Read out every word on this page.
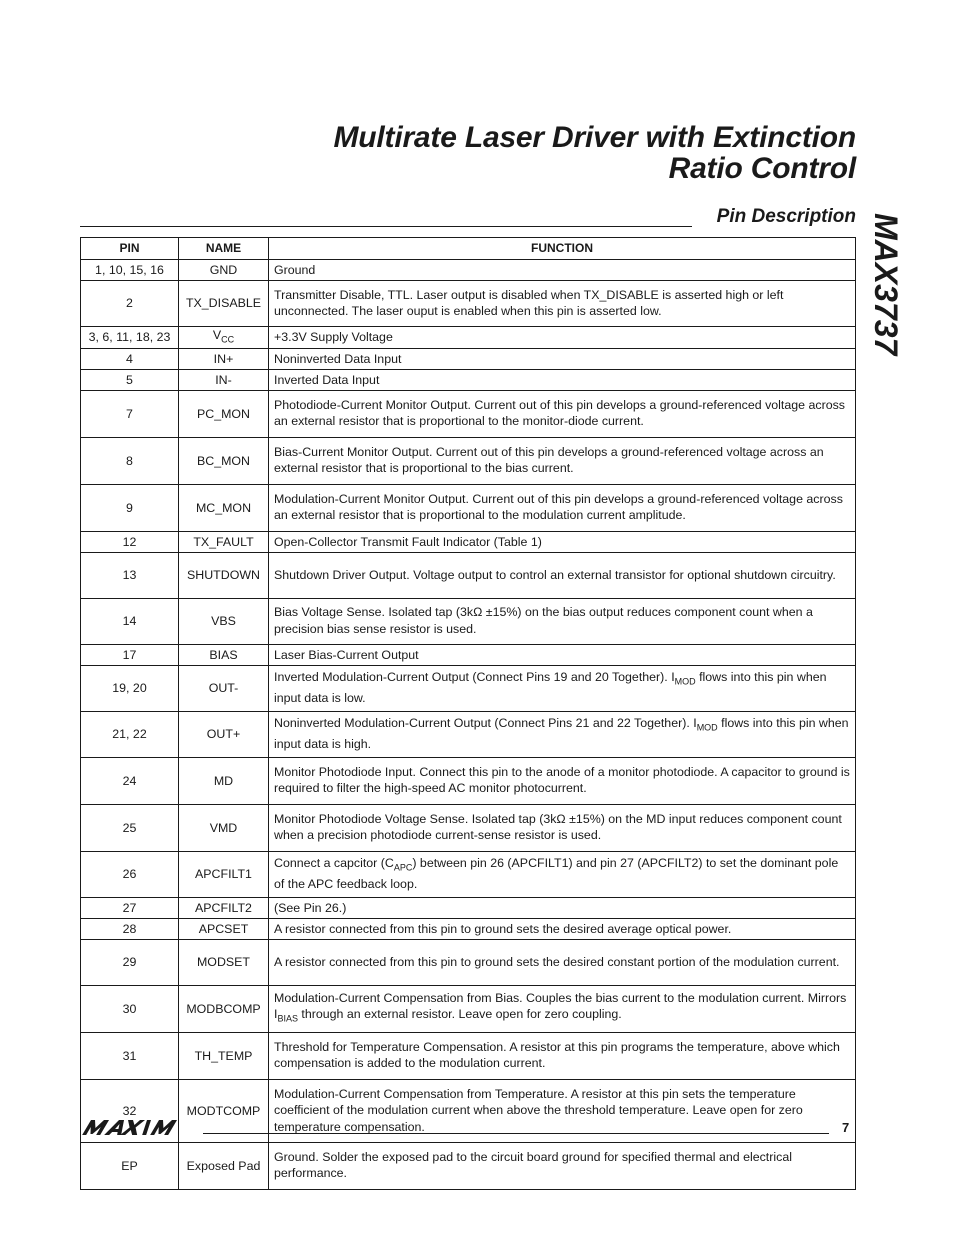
Multirate Laser Driver with Extinction
Ratio Control
MAX3737
Pin Description
PIN	NAME	FUNCTION
1, 10, 15, 16	GND	Ground
2	TX_DISABLE	Transmitter Disable, TTL. Laser output is disabled when TX_DISABLE is asserted high or left unconnected. The laser ouput is enabled when this pin is asserted low.
3, 6, 11, 18, 23	$V_{CC}$	+3.3V Supply Voltage
4	IN+	Noninverted Data Input
5	IN-	Inverted Data Input
7	PC_MON	Photodiode-Current Monitor Output. Current out of this pin develops a ground-referenced voltage across an external resistor that is proportional to the monitor-diode current.
8	BC_MON	Bias-Current Monitor Output. Current out of this pin develops a ground-referenced voltage across an external resistor that is proportional to the bias current.
9	MC_MON	Modulation-Current Monitor Output. Current out of this pin develops a ground-referenced voltage across an external resistor that is proportional to the modulation current amplitude.
12	TX_FAULT	Open-Collector Transmit Fault Indicator (Table 1)
13	SHUTDOWN	Shutdown Driver Output. Voltage output to control an external transistor for optional shutdown circuitry.
14	VBS	Bias Voltage Sense. Isolated tap (3kΩ ±15%) on the bias output reduces component count when a precision bias sense resistor is used.
17	BIAS	Laser Bias-Current Output
19, 20	OUT-	Inverted Modulation-Current Output (Connect Pins 19 and 20 Together). $I_{MOD}$ flows into this pin when input data is low.
21, 22	OUT+	Noninverted Modulation-Current Output (Connect Pins 21 and 22 Together). $I_{MOD}$ flows into this pin when input data is high.
24	MD	Monitor Photodiode Input. Connect this pin to the anode of a monitor photodiode. A capacitor to ground is required to filter the high-speed AC monitor photocurrent.
25	VMD	Monitor Photodiode Voltage Sense. Isolated tap (3kΩ ±15%) on the MD input reduces component count when a precision photodiode current-sense resistor is used.
26	APCFILT1	Connect a capcitor $(C_{APC})$ between pin 26 (APCFILT1) and pin 27 (APCFILT2) to set the dominant pole of the APC feedback loop.
27	APCFILT2	(See Pin 26.)
28	APCSET	A resistor connected from this pin to ground sets the desired average optical power.
29	MODSET	A resistor connected from this pin to ground sets the desired constant portion of the modulation current.
30	MODBCOMP	Modulation-Current Compensation from Bias. Couples the bias current to the modulation current. Mirrors $I_{BIAS}$ through an external resistor. Leave open for zero coupling.
31	TH_TEMP	Threshold for Temperature Compensation. A resistor at this pin programs the temperature, above which compensation is added to the modulation current.
32	MODTCOMP	Modulation-Current Compensation from Temperature. A resistor at this pin sets the temperature coefficient of the modulation current when above the threshold temperature. Leave open for zero temperature compensation.
EP	Exposed Pad	Ground. Solder the exposed pad to the circuit board ground for specified thermal and electrical performance.
7
